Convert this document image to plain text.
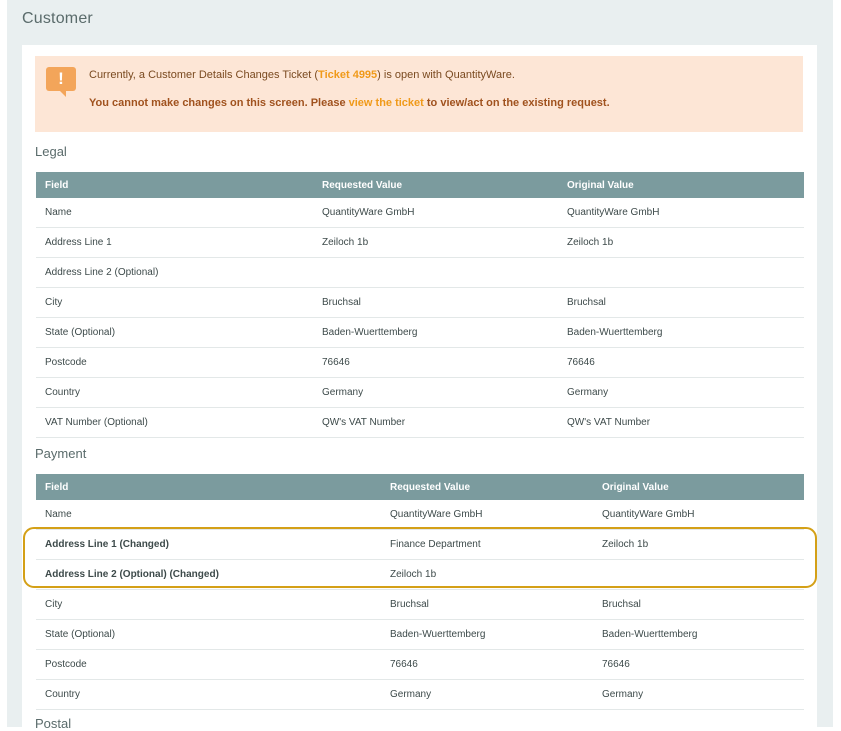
Customer
!	Currently, a Customer Details Changes Ticket (Ticket 4995) is open with QuantityWare.
You cannot make changes on this screen. Please view the ticket to view/act on the existing request.
Legal
Field	Requested Value	Original Value
Name	QuantityWare GmbH	QuantityWare GmbH
Address Line 1	Zeiloch 1b	Zeiloch 1b
Address Line 2 (Optional)		
City	Bruchsal	Bruchsal
State (Optional)	Baden-Wuerttemberg	Baden-Wuerttemberg
Postcode	76646	76646
Country	Germany	Germany
VAT Number (Optional)	QW's VAT Number	QW's VAT Number
Payment
Field	Requested Value	Original Value
Name	QuantityWare GmbH	QuantityWare GmbH
Address Line 1 (Changed)	Finance Department	Zeiloch 1b
Address Line 2 (Optional) (Changed)	Zeiloch 1b	
City	Bruchsal	Bruchsal
State (Optional)	Baden-Wuerttemberg	Baden-Wuerttemberg
Postcode	76646	76646
Country	Germany	Germany
Postal
